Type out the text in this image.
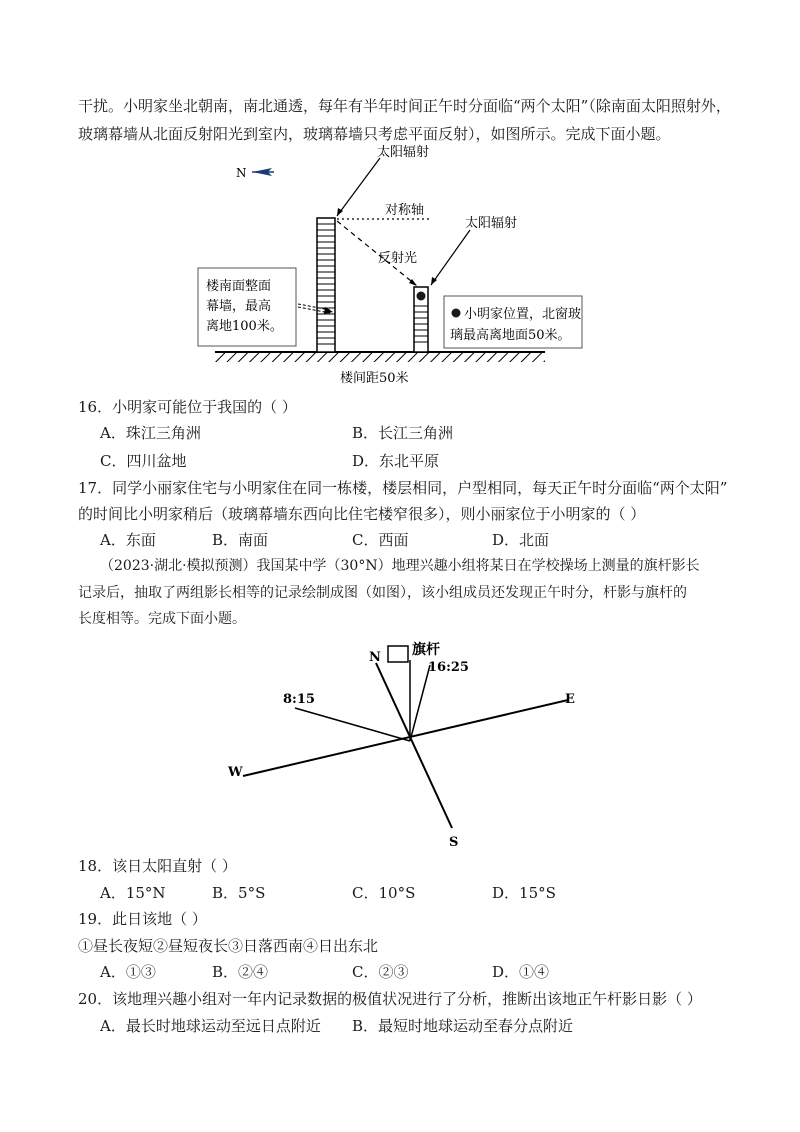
干扰。小明家坐北朝南，南北通透，每年有半年时间正午时分面临“两个太阳”（除南面太阳照射外，
玻璃幕墙从北面反射阳光到室内，玻璃幕墙只考虑平面反射），如图所示。完成下面小题。
N
太阳辐射
太阳辐射
对称轴
反射光
楼南面整面
幕墙，最高
离地100米。
小明家位置，北窗玻
璃最高离地面50米。
楼间距50米
16．小明家可能位于我国的（ ）
A．珠江三角洲	B．长江三角洲
C．四川盆地	D．东北平原
17．同学小丽家住宅与小明家住在同一栋楼，楼层相同，户型相同，每天正午时分面临“两个太阳”
的时间比小明家稍后（玻璃幕墙东西向比住宅楼窄很多），则小丽家位于小明家的（ ）
A．东面	B．南面	C．西面	D．北面
（2023·湖北·模拟预测）我国某中学（30°N）地理兴趣小组将某日在学校操场上测量的旗杆影长
记录后，抽取了两组影长相等的记录绘制成图（如图），该小组成员还发现正午时分，杆影与旗杆的
长度相等。完成下面小题。
N
S
E
W
旗杆
16:25
8:15
18．该日太阳直射（ ）
A．15°N	B．5°S	C．10°S	D．15°S
19．此日该地（ ）
①昼长夜短②昼短夜长③日落西南④日出东北
A．①③	B．②④	C．②③	D．①④
20．该地理兴趣小组对一年内记录数据的极值状况进行了分析，推断出该地正午杆影日影（ ）
A．最长时地球运动至远日点附近 B．最短时地球运动至春分点附近
